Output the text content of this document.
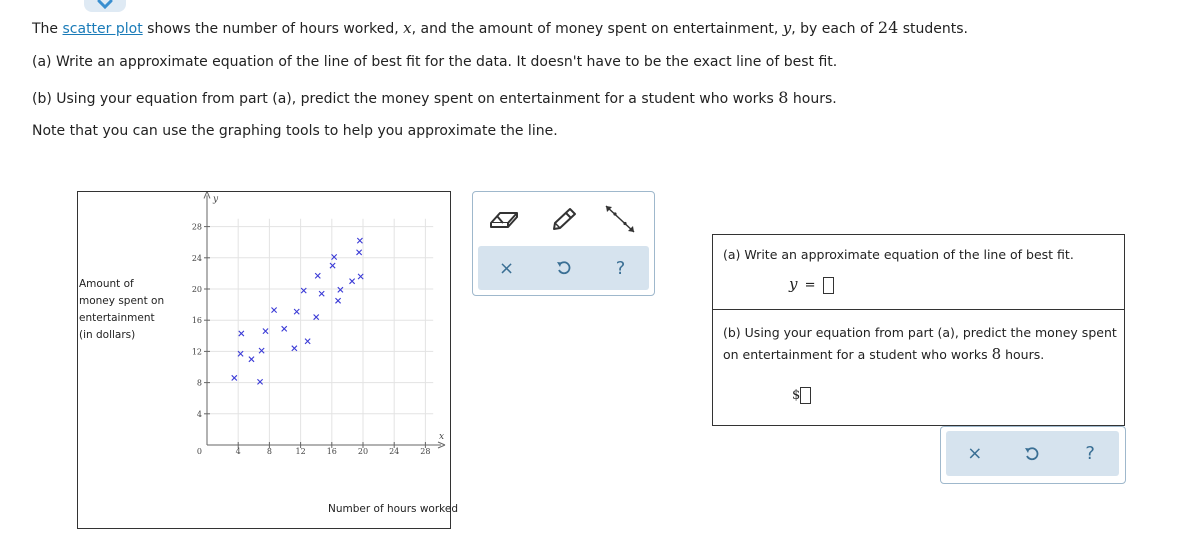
The scatter plot shows the number of hours worked, x, and the amount of money spent on entertainment, y, by each of 24 students.
(a) Write an approximate equation of the line of best fit for the data. It doesn't have to be the exact line of best fit.
(b) Using your equation from part (a), predict the money spent on entertainment for a student who works 8 hours.
Note that you can use the graphing tools to help you approximate the line.
Amount of
money spent on
entertainment
(in dollars)
4	8	12	16	20	24	28
4
8
12
16
20
24
28
0
x
y
Number of hours worked
×	?
(a) Write an approximate equation of the line of best fit.
y =
(b) Using your equation from part (a), predict the money spent
on entertainment for a student who works 8 hours.
$
×	?
